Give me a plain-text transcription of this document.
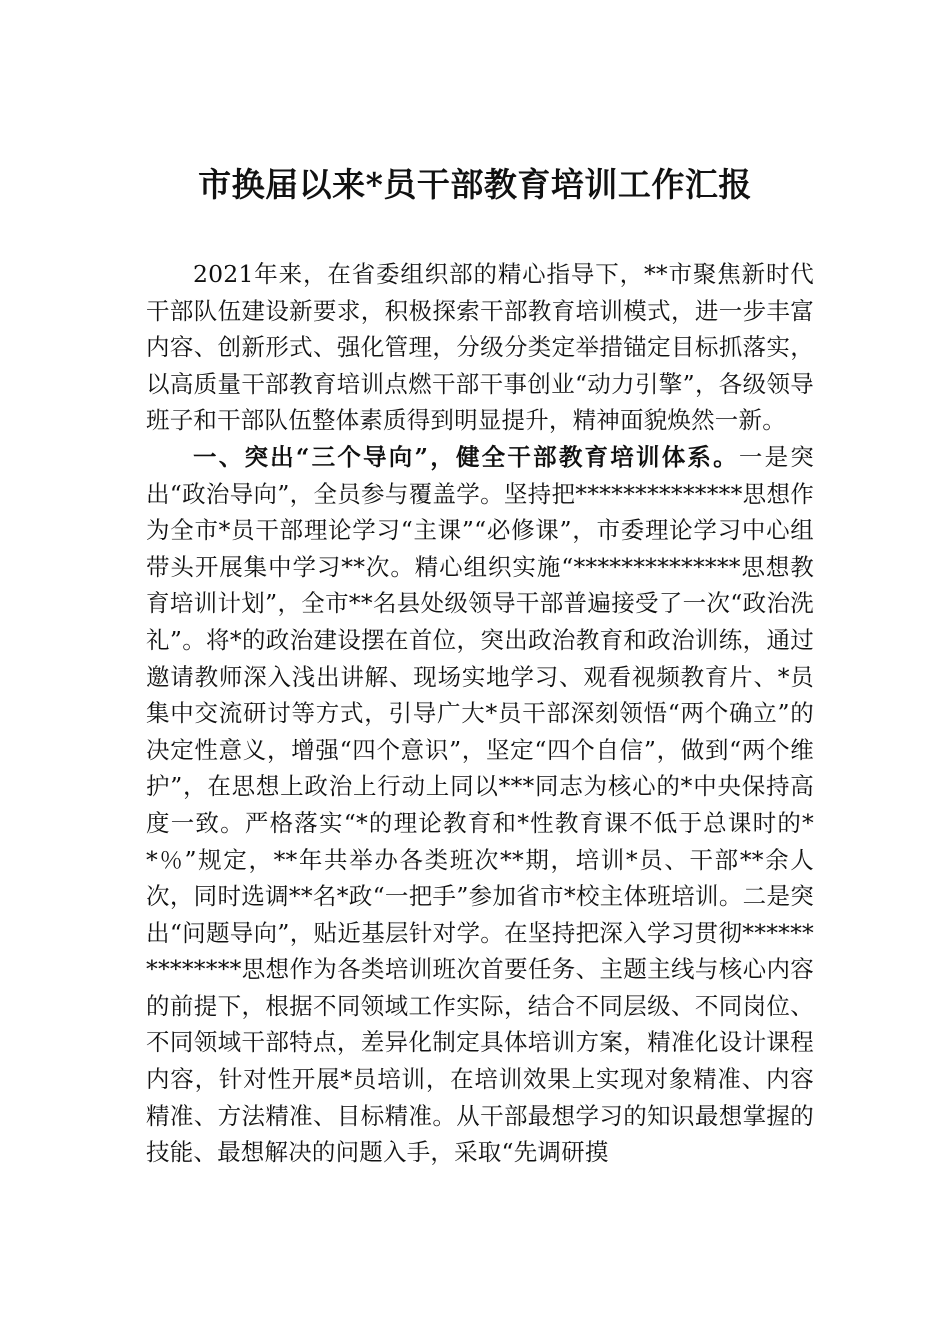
市换届以来*员干部教育培训工作汇报

2021年来，在省委组织部的精心指导下，**市聚焦新时代干部队伍建设新要求，积极探索干部教育培训模式，进一步丰富内容、创新形式、强化管理，分级分类定举措锚定目标抓落实，以高质量干部教育培训点燃干部干事创业“动力引擎”，各级领导班子和干部队伍整体素质得到明显提升，精神面貌焕然一新。

一、突出“三个导向”，健全干部教育培训体系。一是突出“政治导向”，全员参与覆盖学。坚持把**************思想作为全市*员干部理论学习“主课”“必修课”，市委理论学习中心组带头开展集中学习**次。精心组织实施“**************思想教育培训计划”，全市**名县处级领导干部普遍接受了一次“政治洗礼”。将*的政治建设摆在首位，突出政治教育和政治训练，通过邀请教师深入浅出讲解、现场实地学习、观看视频教育片、*员集中交流研讨等方式，引导广大*员干部深刻领悟“两个确立”的决定性意义，增强“四个意识”，坚定“四个自信”，做到“两个维护”，在思想上政治上行动上同以***同志为核心的*中央保持高度一致。严格落实“*的理论教育和*性教育课不低于总课时的**％”规定，**年共举办各类班次**期，培训*员、干部**余人次，同时选调**名*政“一把手”参加省市*校主体班培训。二是突出“问题导向”，贴近基层针对学。在坚持把深入学习贯彻**************思想作为各类培训班次首要任务、主题主线与核心内容的前提下，根据不同领域工作实际，结合不同层级、不同岗位、不同领域干部特点，差异化制定具体培训方案，精准化设计课程内容，针对性开展*员培训，在培训效果上实现对象精准、内容精准、方法精准、目标精准。从干部最想学习的知识最想掌握的技能、最想解决的问题入手，采取“先调研摸
